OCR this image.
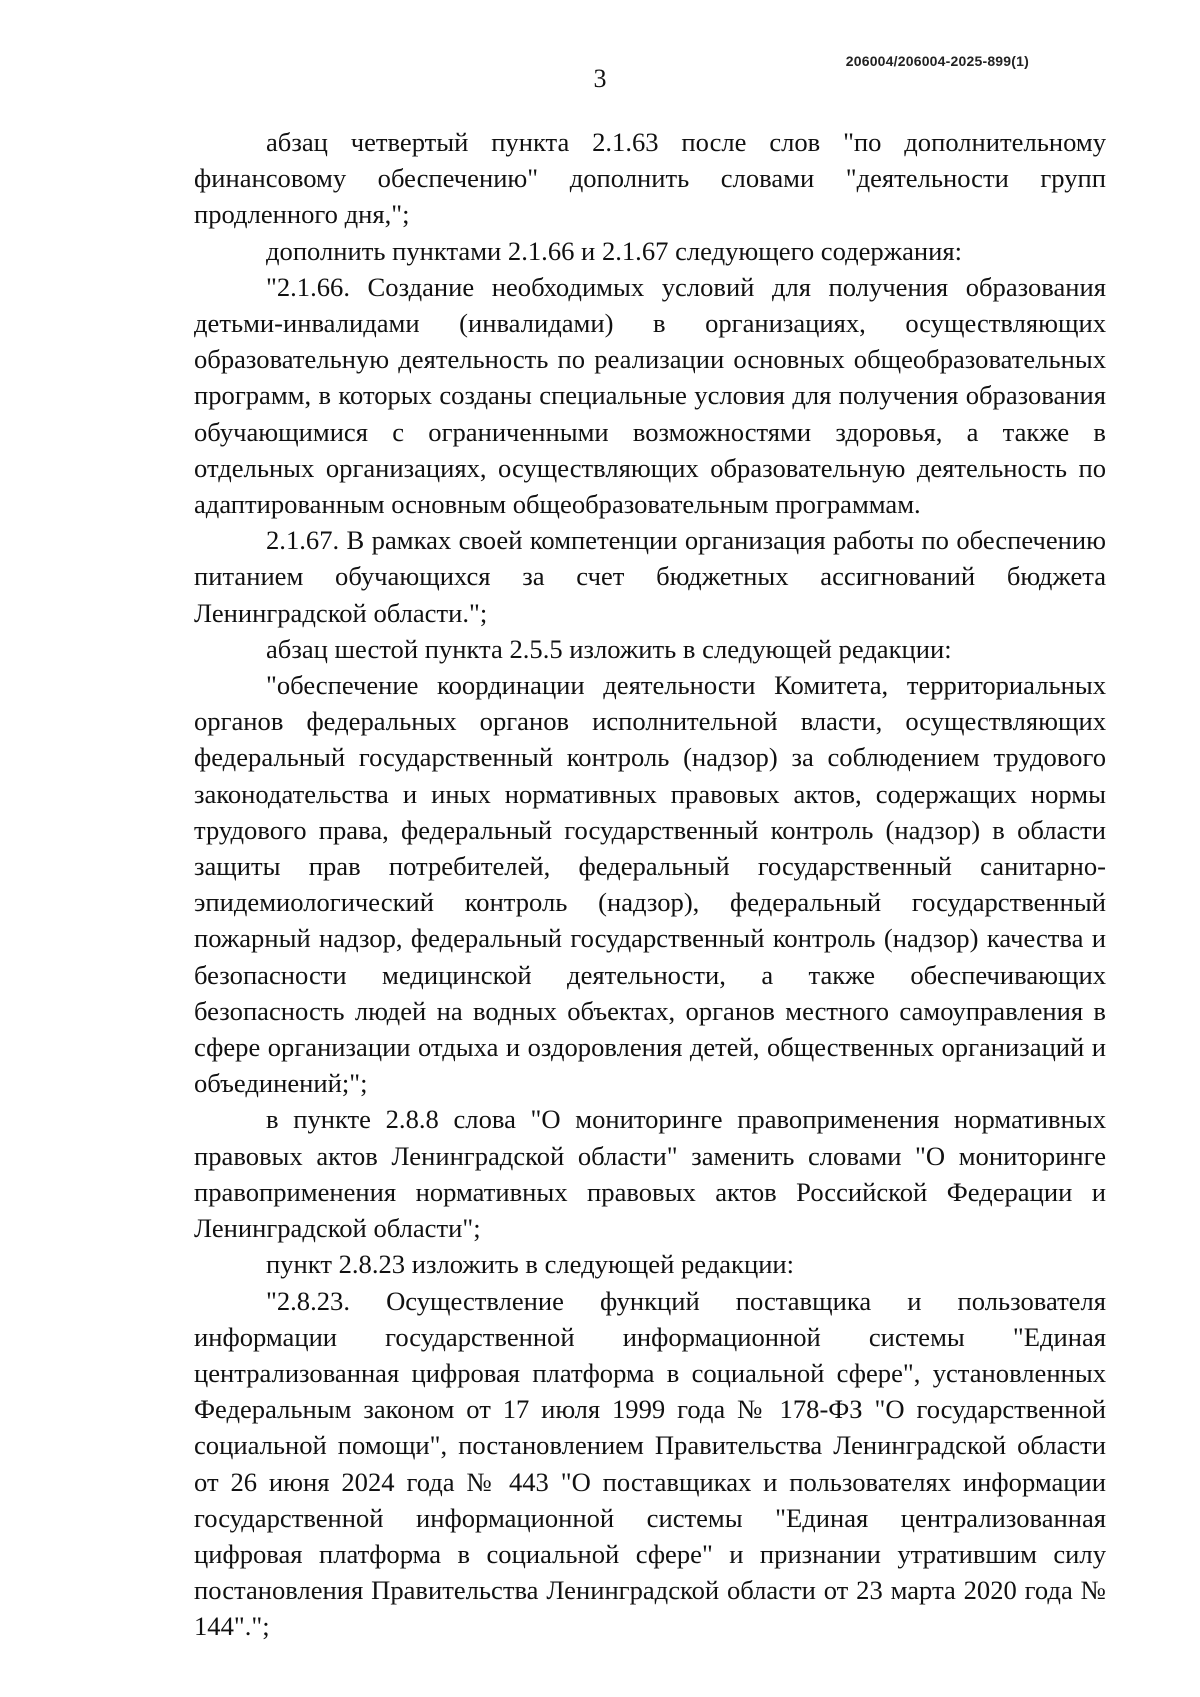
206004/206004-2025-899(1)
3

абзац четвертый пункта 2.1.63 после слов "по дополнительному финансовому обеспечению" дополнить словами "деятельности групп продленного дня,";

дополнить пунктами 2.1.66 и 2.1.67 следующего содержания:

"2.1.66. Создание необходимых условий для получения образования детьми-инвалидами (инвалидами) в организациях, осуществляющих образовательную деятельность по реализации основных общеобразовательных программ, в которых созданы специальные условия для получения образования обучающимися с ограниченными возможностями здоровья, а также в отдельных организациях, осуществляющих образовательную деятельность по адаптированным основным общеобразовательным программам.

2.1.67. В рамках своей компетенции организация работы по обеспечению питанием обучающихся за счет бюджетных ассигнований бюджета Ленинградской области.";

абзац шестой пункта 2.5.5 изложить в следующей редакции:

"обеспечение координации деятельности Комитета, территориальных органов федеральных органов исполнительной власти, осуществляющих федеральный государственный контроль (надзор) за соблюдением трудового законодательства и иных нормативных правовых актов, содержащих нормы трудового права, федеральный государственный контроль (надзор) в области защиты прав потребителей, федеральный государственный санитарно-эпидемиологический контроль (надзор), федеральный государственный пожарный надзор, федеральный государственный контроль (надзор) качества и безопасности медицинской деятельности, а также обеспечивающих безопасность людей на водных объектах, органов местного самоуправления в сфере организации отдыха и оздоровления детей, общественных организаций и объединений;";

в пункте 2.8.8 слова "О мониторинге правоприменения нормативных правовых актов Ленинградской области" заменить словами "О мониторинге правоприменения нормативных правовых актов Российской Федерации и Ленинградской области";

пункт 2.8.23 изложить в следующей редакции:

"2.8.23. Осуществление функций поставщика и пользователя информации государственной информационной системы "Единая централизованная цифровая платформа в социальной сфере", установленных Федеральным законом от 17 июля 1999 года № 178-ФЗ "О государственной социальной помощи", постановлением Правительства Ленинградской области от 26 июня 2024 года № 443 "О поставщиках и пользователях информации государственной информационной системы "Единая централизованная цифровая платформа в социальной сфере" и признании утратившим силу постановления Правительства Ленинградской области от 23 марта 2020 года № 144".";
